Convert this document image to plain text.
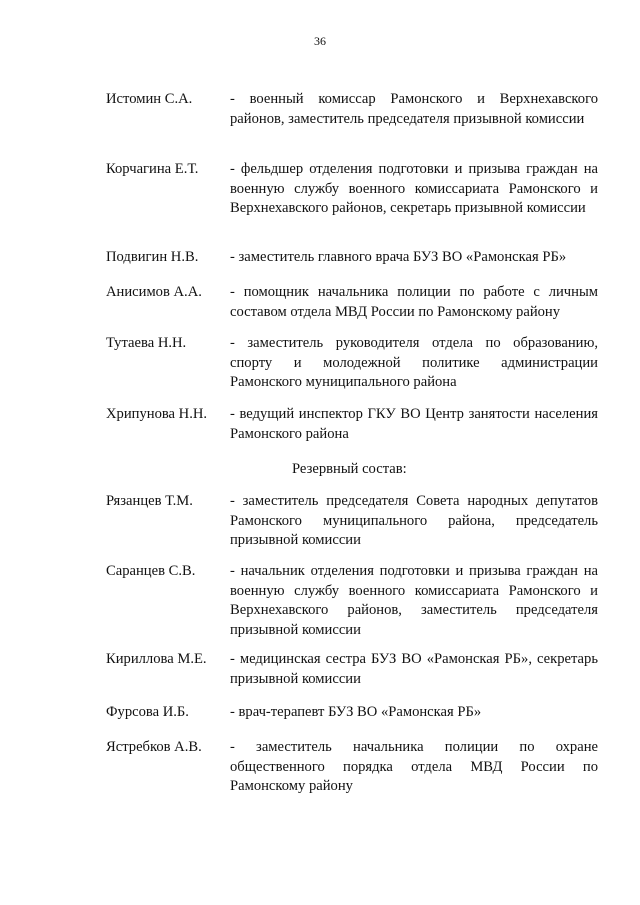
36
Истомин С.А.	- военный комиссар Рамонского и Верхнехавского районов, заместитель председателя призывной комиссии
Корчагина Е.Т. - фельдшер отделения подготовки и призыва граждан на военную службу военного комиссариата Рамонского и Верхнехавского районов, секретарь призывной комиссии
Подвигин Н.В. - заместитель главного врача БУЗ ВО «Рамонская РБ»
Анисимов А.А. - помощник начальника полиции по работе с личным составом отдела МВД России по Рамонскому району
Тутаева Н.Н.	- заместитель руководителя отдела по образованию, спорту и молодежной политике администрации Рамонского муниципального района
Хрипунова Н.Н. - ведущий инспектор ГКУ ВО Центр занятости населения Рамонского района
Резервный состав:
Рязанцев Т.М.	- заместитель председателя Совета народных депутатов Рамонского муниципального района, председатель призывной комиссии
Саранцев С.В. - начальник отделения подготовки и призыва граждан на военную службу военного комиссариата Рамонского и Верхнехавского районов, заместитель председателя призывной комиссии
Кириллова М.Е. - медицинская сестра БУЗ ВО «Рамонская РБ», секретарь призывной комиссии
Фурсова И.Б.	- врач-терапевт БУЗ ВО «Рамонская РБ»
Ястребков А.В. - заместитель начальника полиции по охране общественного порядка отдела МВД России по Рамонскому району
